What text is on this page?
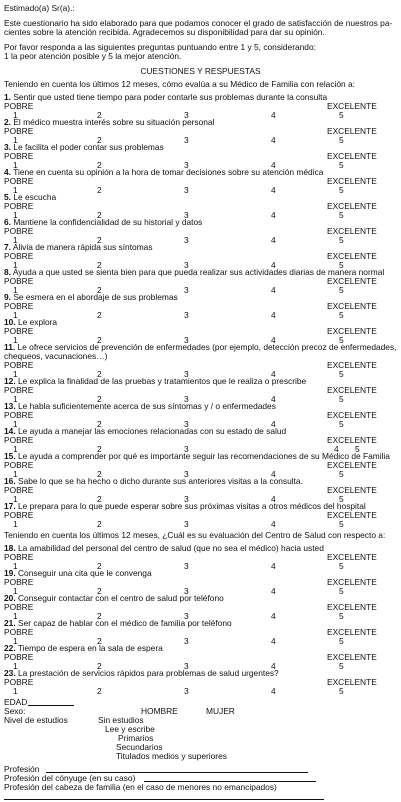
Estimado(a) Sr(a).:
Este cuestionario ha sido elaborado para que podamos conocer el grado de satisfacción de nuestros pa-
cientes sobre la atención recibida. Agradecemos su disponibilidad para dar su opinión.
Por favor responda a las siguientes preguntas puntuando entre 1 y 5, considerando:
1 la peor atención posible y 5 la mejor atención.
CUESTIONES Y RESPUESTAS
Teniendo en cuenta los últimos 12 meses, cómo evalúa a su Médico de Familia con relación a:
1. Sentir que usted tiene tiempo para poder contarle sus problemas durante la consulta
POBRE	EXCELENTE
1	2	3	4	5
2. El médico muestra interés sobre su situación personal
POBRE	EXCELENTE
1	2	3	4	5
3. Le facilita el poder contar sus problemas
POBRE	EXCELENTE
1	2	3	4	5
4. Tiene en cuenta su opinión a la hora de tomar decisiones sobre su atención médica
POBRE	EXCELENTE
1	2	3	4	5
5. Le escucha
POBRE	EXCELENTE
1	2	3	4	5
6. Mantiene la confidencialidad de su historial y datos
POBRE	EXCELENTE
1	2	3	4	5
7. Alivia de manera rápida sus síntomas
POBRE	EXCELENTE
1	2	3	4	5
8. Ayuda a que usted se sienta bien para que pueda realizar sus actividades diarias de manera normal
POBRE	EXCELENTE
1	2	3	4	5
9. Se esmera en el abordaje de sus problemas
POBRE	EXCELENTE
1	2	3	4	5
10. Le explora
POBRE	EXCELENTE
1	2	3	4	5
11. Le ofrece servicios de prevención de enfermedades (por ejemplo, detección precoz de enfermedades,
chequeos, vacunaciones…)
POBRE	EXCELENTE
1	2	3	4	5
12. Le explica la finalidad de las pruebas y tratamientos que le realiza o prescribe
POBRE	EXCELENTE
1	2	3	4	5
13. Le habla suficientemente acerca de sus síntomas y / o enfermedades
POBRE	EXCELENTE
1	2	3	4	5
14. Le ayuda a manejar las emociones relacionadas con su estado de salud
POBRE	EXCELENTE
1	2	3	4 5
15. Le ayuda a comprender por qué es importante seguir las recomendaciones de su Médico de Familia
POBRE	EXCELENTE
1	2	3	4	5
16. Sabe lo que se ha hecho o dicho durante sus anteriores visitas a la consulta.
POBRE	EXCELENTE
1	2	3	4	5
17. Le prepara para lo que puede esperar sobre sus próximas visitas a otros médicos del hospital
POBRE	EXCELENTE
1	2	3	4	5
Teniendo en cuenta los últimos 12 meses, ¿Cuál es su evaluación del Centro de Salud con respecto a:
18. La amabilidad del personal del centro de salud (que no sea el médico) hacia usted
POBRE	EXCELENTE
1	2	3	4	5
19. Conseguir una cita que le convenga
POBRE	EXCELENTE
1	2	3	4	5
20. Conseguir contactar con el centro de salud por teléfono
POBRE	EXCELENTE
1	2	3	4	5
21. Ser capaz de hablar con el médico de familia por teléfono
POBRE	EXCELENTE
1	2	3	4	5
22. Tiempo de espera en la sala de espera
POBRE	EXCELENTE
1	2	3	4	5
23. La prestación de servicios rápidos para problemas de salud urgentes?
POBRE	EXCELENTE
1	2	3	4	5
EDAD
Sexo:	HOMBRE	MUJER
Nivel de estudios	Sin estudios
Lee y escribe
Primarios
Secundarios
Titulados medios y superiores
Profesión
Profesión del cónyuge (en su caso)
Profesión del cabeza de familia (en el caso de menores no emancipados)
